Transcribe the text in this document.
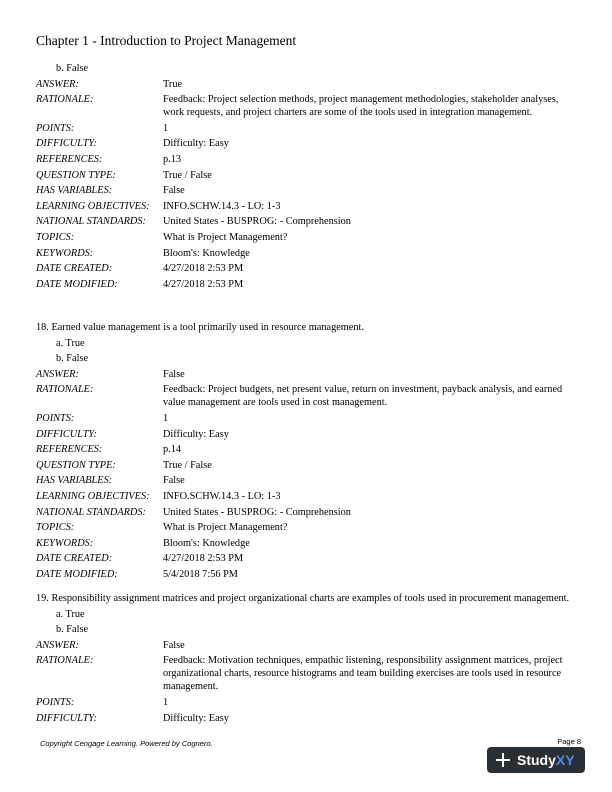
Chapter 1 - Introduction to Project Management
b. False
ANSWER:	True
RATIONALE:	Feedback: Project selection methods, project management methodologies, stakeholder analyses, work requests, and project charters are some of the tools used in integration management.
POINTS:	1
DIFFICULTY:	Difficulty: Easy
REFERENCES:	p.13
QUESTION TYPE:	True / False
HAS VARIABLES:	False
LEARNING OBJECTIVES:	INFO.SCHW.14.3 - LO: 1-3
NATIONAL STANDARDS:	United States - BUSPROG: - Comprehension
TOPICS:	What is Project Management?
KEYWORDS:	Bloom's: Knowledge
DATE CREATED:	4/27/2018 2:53 PM
DATE MODIFIED:	4/27/2018 2:53 PM
18. Earned value management is a tool primarily used in resource management.
a. True
b. False
ANSWER:	False
RATIONALE:	Feedback: Project budgets, net present value, return on investment, payback analysis, and earned value management are tools used in cost management.
POINTS:	1
DIFFICULTY:	Difficulty: Easy
REFERENCES:	p.14
QUESTION TYPE:	True / False
HAS VARIABLES:	False
LEARNING OBJECTIVES:	INFO.SCHW.14.3 - LO: 1-3
NATIONAL STANDARDS:	United States - BUSPROG: - Comprehension
TOPICS:	What is Project Management?
KEYWORDS:	Bloom's: Knowledge
DATE CREATED:	4/27/2018 2:53 PM
DATE MODIFIED:	5/4/2018 7:56 PM
19. Responsibility assignment matrices and project organizational charts are examples of tools used in procurement management.
a. True
b. False
ANSWER:	False
RATIONALE:	Feedback: Motivation techniques, empathic listening, responsibility assignment matrices, project organizational charts, resource histograms and team building exercises are tools used in resource management.
POINTS:	1
DIFFICULTY:	Difficulty: Easy
Copyright Cengage Learning. Powered by Cognero.	Page 8
Study XY
